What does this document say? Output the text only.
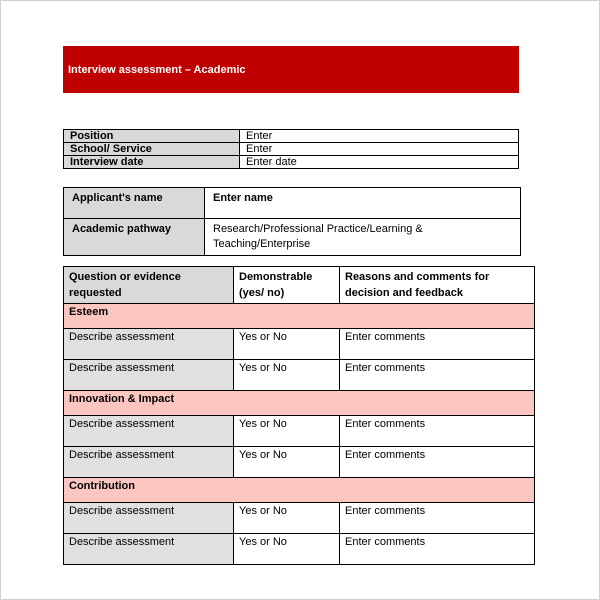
Interview assessment – Academic
Position	Enter
School/ Service	Enter
Interview date	Enter date
Applicant's name	Enter name
Academic pathway	Research/Professional Practice/Learning & Teaching/Enterprise
Question or evidence requested	Demonstrable (yes/ no)	Reasons and comments for decision and feedback
Esteem		
Describe assessment	Yes or No	Enter comments
Describe assessment	Yes or No	Enter comments
Innovation & Impact		
Describe assessment	Yes or No	Enter comments
Describe assessment	Yes or No	Enter comments
Contribution		
Describe assessment	Yes or No	Enter comments
Describe assessment	Yes or No	Enter comments
